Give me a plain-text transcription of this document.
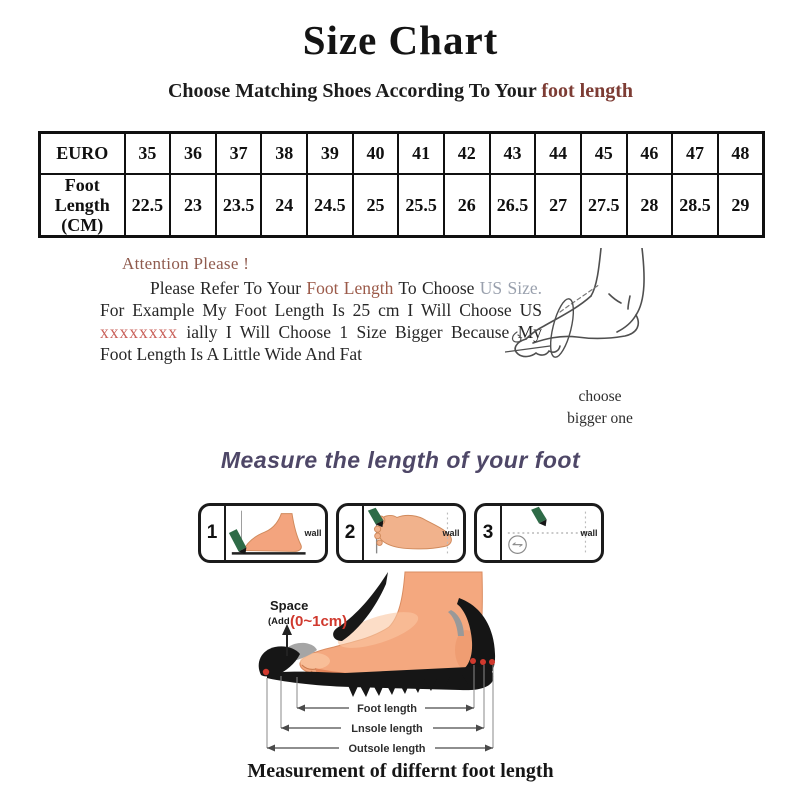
Size Chart
Choose Matching Shoes According To Your foot length
EURO	35	36	37	38	39	40	41	42	43	44	45	46	47	48
Foot Length (CM)	22.5	23	23.5	24	24.5	25	25.5	26	26.5	27	27.5	28	28.5	29
Attention Please !

Please Refer To Your Foot Length To Choose US Size. For Example My Foot Length Is 25 cm I Will Choose US xxxxxxxx ially I Will Choose 1 Size Bigger Because My Foot Length Is A Little Wide And Fat

choose
bigger one
Measure the length of your foot
1	wall	2	wall	3	wall
Space
(Add (0~1cm)
Foot length
Lnsole length
Outsole length
Measurement of differnt foot length
